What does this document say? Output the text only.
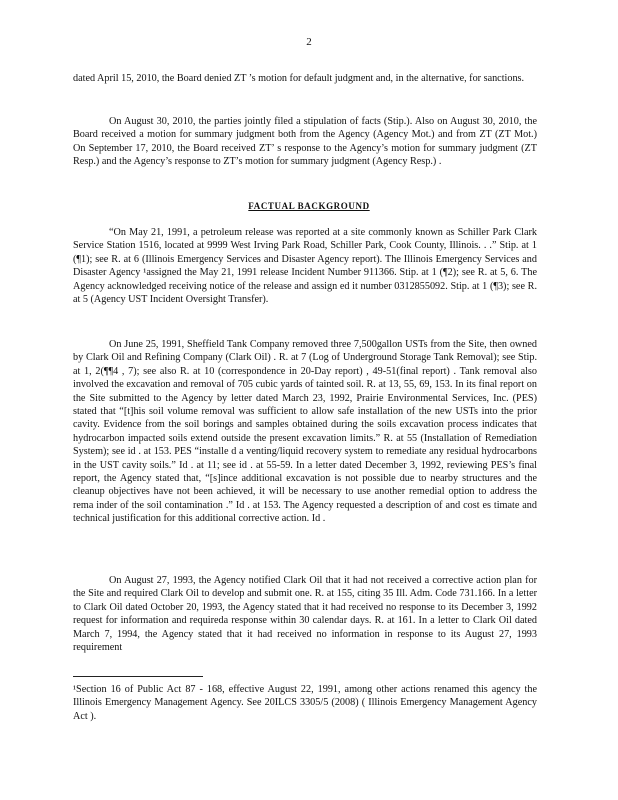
2
dated April 15, 2010, the Board denied ZT ’s motion for default judgment and, in the alternative, for sanctions.
On August 30, 2010, the parties jointly filed a stipulation of facts (Stip.). Also on August 30, 2010, the Board received a motion for summary judgment both from the Agency (Agency Mot.) and from ZT (ZT Mot.) On September 17, 2010, the Board received ZT’ s response to the Agency’s motion for summary judgment (ZT Resp.) and the Agency’s response to ZT’s motion for summary judgment (Agency Resp.) .
FACTUAL BACKGROUND
“On May 21, 1991, a petroleum release was reported at a site commonly known as Schiller Park Clark Service Station 1516, located at 9999 West Irving Park Road, Schiller Park, Cook County, Illinois. . .” Stip. at 1 (¶1); see R. at 6 (Illinois Emergency Services and Disaster Agency report). The Illinois Emergency Services and Disaster Agency ¹assigned the May 21, 1991 release Incident Number 911366. Stip. at 1 (¶2); see R. at 5, 6. The Agency acknowledged receiving notice of the release and assign ed it number 0312855092. Stip. at 1 (¶3); see R. at 5 (Agency UST Incident Oversight Transfer).
On June 25, 1991, Sheffield Tank Company removed three 7,500gallon USTs from the Site, then owned by Clark Oil and Refining Company (Clark Oil) . R. at 7 (Log of Underground Storage Tank Removal); see Stip. at 1, 2(¶¶4 , 7); see also R. at 10 (correspondence in 20-Day report) , 49-51(final report) . Tank removal also involved the excavation and removal of 705 cubic yards of tainted soil. R. at 13, 55, 69, 153. In its final report on the Site submitted to the Agency by letter dated March 23, 1992, Prairie Environmental Services, Inc. (PES) stated that “[t]his soil volume removal was sufficient to allow safe installation of the new USTs into the prior cavity. Evidence from the soil borings and samples obtained during the soils excavation process indicates that hydrocarbon impacted soils extend outside the present excavation limits.” R. at 55 (Installation of Remediation System); see id . at 153. PES “installe d a venting/liquid recovery system to remediate any residual hydrocarbons in the UST cavity soils.” Id . at 11; see id . at 55-59. In a letter dated December 3, 1992, reviewing PES’s final report, the Agency stated that, “[s]ince additional excavation is not possible due to nearby structures and the cleanup objectives have not been achieved, it will be necessary to use another remedial option to address the rema inder of the soil contamination .” Id . at 153. The Agency requested a description of and cost es timate and technical justification for this additional corrective action. Id .
On August 27, 1993, the Agency notified Clark Oil that it had not received a corrective action plan for the Site and required Clark Oil to develop and submit one. R. at 155, citing 35 Ill. Adm. Code 731.166. In a letter to Clark Oil dated October 20, 1993, the Agency stated that it had received no response to its December 3, 1992 request for information and requireda response within 30 calendar days. R. at 161. In a letter to Clark Oil dated March 7, 1994, the Agency stated that it had received no information in response to its August 27, 1993 requirement
¹Section 16 of Public Act 87 - 168, effective August 22, 1991, among other actions renamed this agency the Illinois Emergency Management Agency. See 20ILCS 3305/5 (2008) ( Illinois Emergency Management Agency Act ).
